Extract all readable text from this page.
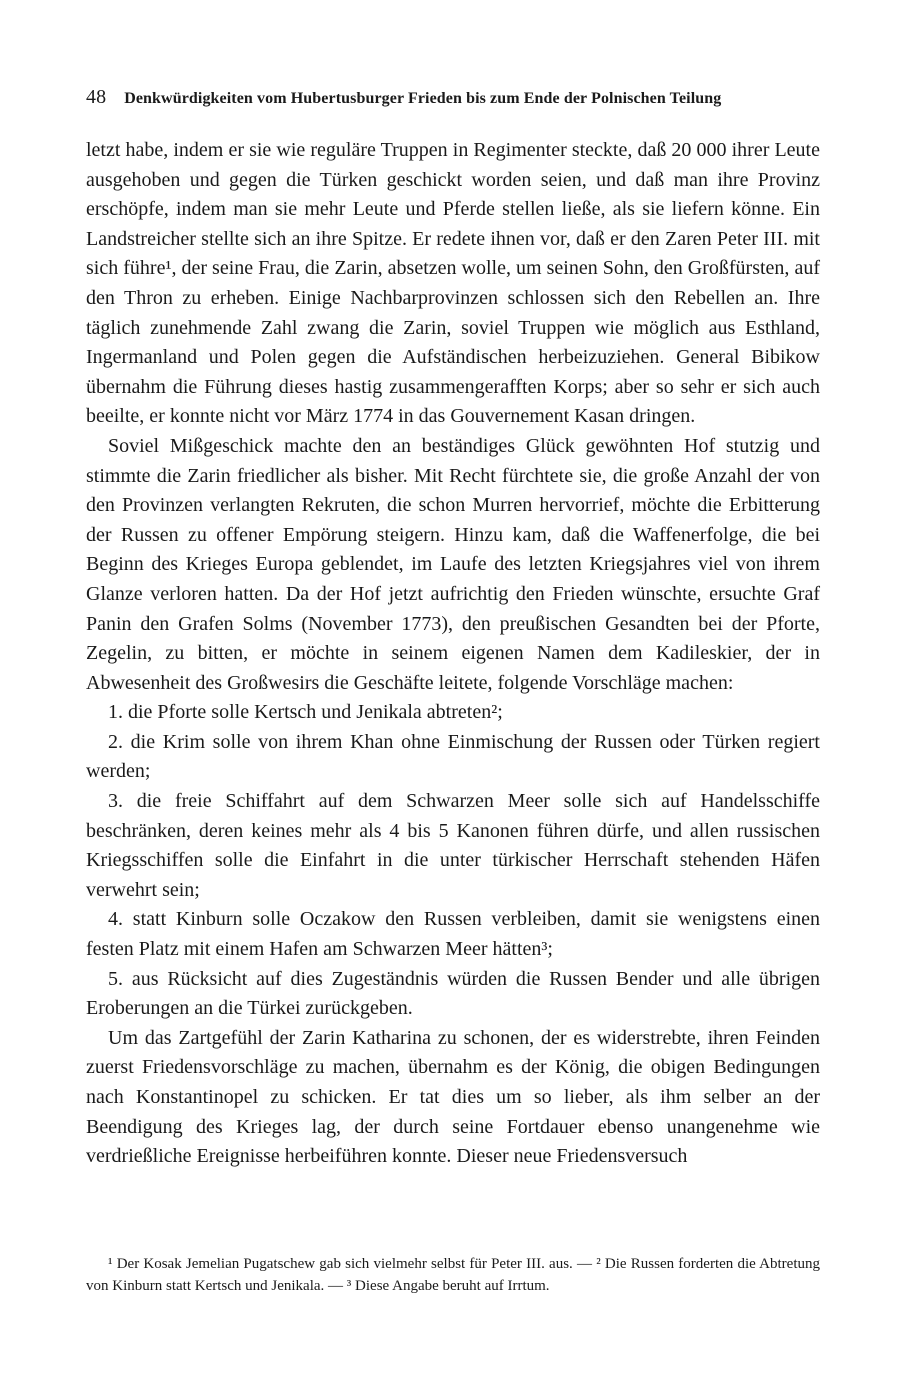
48 Denkwürdigkeiten vom Hubertusburger Frieden bis zum Ende der Polnischen Teilung

letzt habe, indem er sie wie reguläre Truppen in Regimenter steckte, daß 20 000 ihrer Leute ausgehoben und gegen die Türken geschickt worden seien, und daß man ihre Provinz erschöpfe, indem man sie mehr Leute und Pferde stellen ließe, als sie liefern könne. Ein Landstreicher stellte sich an ihre Spitze. Er redete ihnen vor, daß er den Zaren Peter III. mit sich führe¹, der seine Frau, die Zarin, absetzen wolle, um seinen Sohn, den Großfürsten, auf den Thron zu erheben. Einige Nachbarprovinzen schlossen sich den Rebellen an. Ihre täglich zunehmende Zahl zwang die Zarin, soviel Truppen wie möglich aus Esthland, Ingermanland und Polen gegen die Aufständischen herbeizuziehen. General Bibikow übernahm die Führung dieses hastig zusammengerafften Korps; aber so sehr er sich auch beeilte, er konnte nicht vor März 1774 in das Gouvernement Kasan dringen.

Soviel Mißgeschick machte den an beständiges Glück gewöhnten Hof stutzig und stimmte die Zarin friedlicher als bisher. Mit Recht fürchtete sie, die große Anzahl der von den Provinzen verlangten Rekruten, die schon Murren hervorrief, möchte die Erbitterung der Russen zu offener Empörung steigern. Hinzu kam, daß die Waffenerfolge, die bei Beginn des Krieges Europa geblendet, im Laufe des letzten Kriegsjahres viel von ihrem Glanze verloren hatten. Da der Hof jetzt aufrichtig den Frieden wünschte, ersuchte Graf Panin den Grafen Solms (November 1773), den preußischen Gesandten bei der Pforte, Zegelin, zu bitten, er möchte in seinem eigenen Namen dem Kadileskier, der in Abwesenheit des Großwesirs die Geschäfte leitete, folgende Vorschläge machen:

1. die Pforte solle Kertsch und Jenikala abtreten²;

2. die Krim solle von ihrem Khan ohne Einmischung der Russen oder Türken regiert werden;

3. die freie Schiffahrt auf dem Schwarzen Meer solle sich auf Handelsschiffe beschränken, deren keines mehr als 4 bis 5 Kanonen führen dürfe, und allen russischen Kriegsschiffen solle die Einfahrt in die unter türkischer Herrschaft stehenden Häfen verwehrt sein;

4. statt Kinburn solle Oczakow den Russen verbleiben, damit sie wenigstens einen festen Platz mit einem Hafen am Schwarzen Meer hätten³;

5. aus Rücksicht auf dies Zugeständnis würden die Russen Bender und alle übrigen Eroberungen an die Türkei zurückgeben.

Um das Zartgefühl der Zarin Katharina zu schonen, der es widerstrebte, ihren Feinden zuerst Friedensvorschläge zu machen, übernahm es der König, die obigen Bedingungen nach Konstantinopel zu schicken. Er tat dies um so lieber, als ihm selber an der Beendigung des Krieges lag, der durch seine Fortdauer ebenso unangenehme wie verdrießliche Ereignisse herbeiführen konnte. Dieser neue Friedensversuch

¹ Der Kosak Jemelian Pugatschew gab sich vielmehr selbst für Peter III. aus. — ² Die Russen forderten die Abtretung von Kinburn statt Kertsch und Jenikala. — ³ Diese Angabe beruht auf Irrtum.
